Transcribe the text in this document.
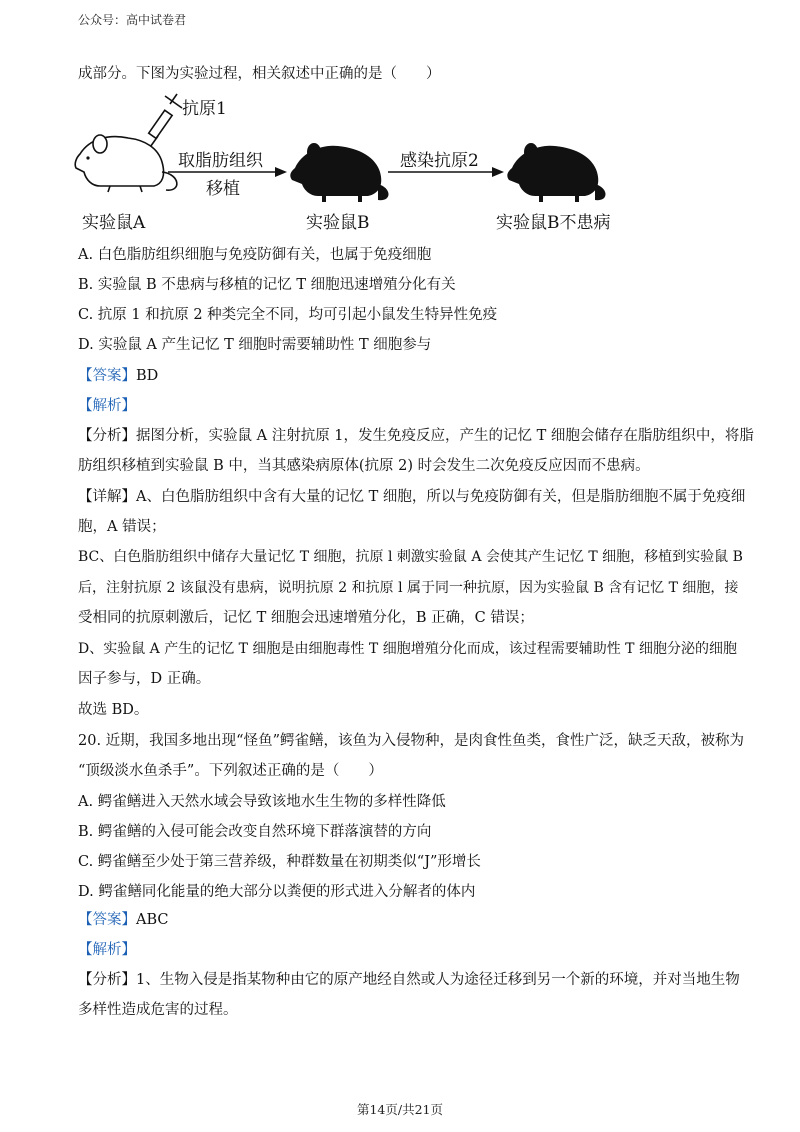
公众号：高中试卷君
成部分。下图为实验过程，相关叙述中正确的是（　　）
抗原1
取脂肪组织
移植
感染抗原2
实验鼠A	实验鼠B	实验鼠B不患病
A. 白色脂肪组织细胞与免疫防御有关，也属于免疫细胞
B. 实验鼠 B 不患病与移植的记忆 T 细胞迅速增殖分化有关
C. 抗原 1 和抗原 2 种类完全不同，均可引起小鼠发生特异性免疫
D. 实验鼠 A 产生记忆 T 细胞时需要辅助性 T 细胞参与
【答案】BD
【解析】
【分析】据图分析，实验鼠 A 注射抗原 1，发生免疫反应，产生的记忆 T 细胞会储存在脂肪组织中，将脂
肪组织移植到实验鼠 B 中，当其感染病原体(抗原 2) 时会发生二次免疫反应因而不患病。
【详解】A、白色脂肪组织中含有大量的记忆 T 细胞，所以与免疫防御有关，但是脂肪细胞不属于免疫细
胞，A 错误；
BC、白色脂肪组织中储存大量记忆 T 细胞，抗原 l 刺激实验鼠 A 会使其产生记忆 T 细胞，移植到实验鼠 B
后，注射抗原 2 该鼠没有患病，说明抗原 2 和抗原 l 属于同一种抗原，因为实验鼠 B 含有记忆 T 细胞，接
受相同的抗原刺激后，记忆 T 细胞会迅速增殖分化，B 正确，C 错误；
D、实验鼠 A 产生的记忆 T 细胞是由细胞毒性 T 细胞增殖分化而成，该过程需要辅助性 T 细胞分泌的细胞
因子参与，D 正确。
故选 BD。
20. 近期，我国多地出现“怪鱼”鳄雀鳝，该鱼为入侵物种，是肉食性鱼类，食性广泛，缺乏天敌，被称为
“顶级淡水鱼杀手”。下列叙述正确的是（　　）
A. 鳄雀鳝进入天然水域会导致该地水生生物的多样性降低
B. 鳄雀鳝的入侵可能会改变自然环境下群落演替的方向
C. 鳄雀鳝至少处于第三营养级，种群数量在初期类似“J”形增长
D. 鳄雀鳝同化能量的绝大部分以粪便的形式进入分解者的体内
【答案】ABC
【解析】
【分析】1、生物入侵是指某物种由它的原产地经自然或人为途径迁移到另一个新的环境，并对当地生物
多样性造成危害的过程。
第14页/共21页
